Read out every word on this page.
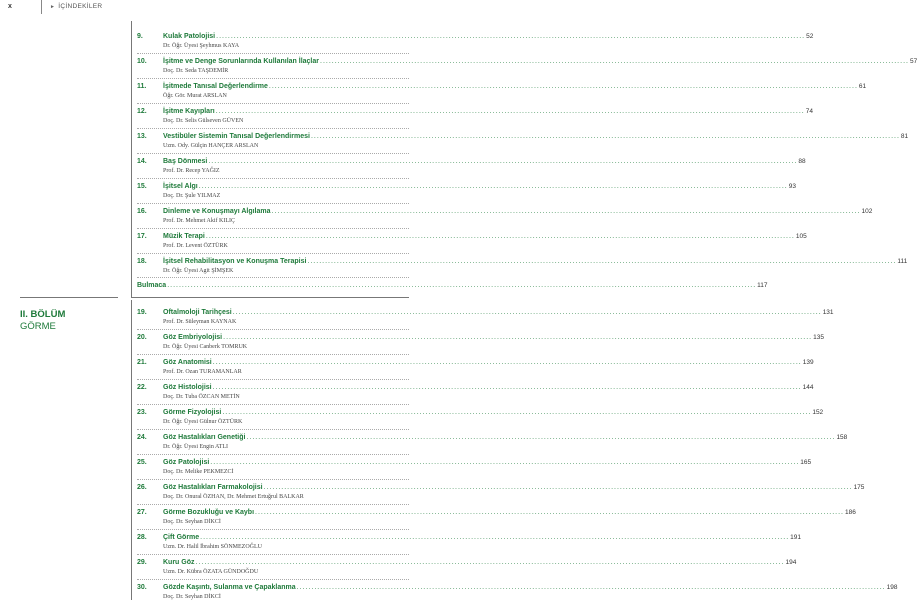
x	► İÇİNDEKİLER
II. BÖLÜM
GÖRME
9.	Kulak Patolojisi ........................................................................................................................................................................................................ 52
Dr. Öğr. Üyesi Şeyhmus KAYA
10.	İşitme ve Denge Sorunlarında Kullanılan İlaçlar ........................................................................................................................................................................................................ 57
Doç. Dr. Seda TAŞDEMİR
11.	İşitmede Tanısal Değerlendirme ........................................................................................................................................................................................................ 61
Öğr. Gör. Murat ARSLAN
12.	İşitme Kayıpları ........................................................................................................................................................................................................ 74
Doç. Dr. Selis Gülseven GÜVEN
13.	Vestibüler Sistemin Tanısal Değerlendirmesi ........................................................................................................................................................................................................ 81
Uzm. Ody. Gülçin HANÇER ARSLAN
14.	Baş Dönmesi ........................................................................................................................................................................................................ 88
Prof. Dr. Recep YAĞIZ
15.	İşitsel Algı ........................................................................................................................................................................................................ 93
Doç. Dr. Şule YILMAZ
16.	Dinleme ve Konuşmayı Algılama ........................................................................................................................................................................................................ 102
Prof. Dr. Mehmet Akif KILIÇ
17.	Müzik Terapi ........................................................................................................................................................................................................ 105
Prof. Dr. Levent ÖZTÜRK
18.	İşitsel Rehabilitasyon ve Konuşma Terapisi ........................................................................................................................................................................................................ 111
Dr. Öğr. Üyesi Agit ŞİMŞEK
Bulmaca ........................................................................................................................................................................................................ 117
19.	Oftalmoloji Tarihçesi ........................................................................................................................................................................................................ 131
Prof. Dr. Süleyman KAYNAK
20.	Göz Embriyolojisi ........................................................................................................................................................................................................ 135
Dr. Öğr. Üyesi Canberk TOMRUK
21.	Göz Anatomisi ........................................................................................................................................................................................................ 139
Prof. Dr. Ozan TURAMANLAR
22.	Göz Histolojisi ........................................................................................................................................................................................................ 144
Doç. Dr. Tuba ÖZCAN METİN
23.	Görme Fizyolojisi ........................................................................................................................................................................................................ 152
Dr. Öğr. Üyesi Gülnur ÖZTÜRK
24.	Göz Hastalıkları Genetiği ........................................................................................................................................................................................................ 158
Dr. Öğr. Üyesi Engin ATLI
25.	Göz Patolojisi ........................................................................................................................................................................................................ 165
Doç. Dr. Melike PEKMEZCİ
26.	Göz Hastalıkları Farmakolojisi ........................................................................................................................................................................................................ 175
Doç. Dr. Onural ÖZHAN, Dr. Mehmet Ertuğrul BALKAR
27.	Görme Bozukluğu ve Kaybı ........................................................................................................................................................................................................ 186
Doç. Dr. Seyhan DİKCİ
28.	Çift Görme ........................................................................................................................................................................................................ 191
Uzm. Dr. Halil İbrahim SÖNMEZOĞLU
29.	Kuru Göz ........................................................................................................................................................................................................ 194
Uzm. Dr. Kübra ÖZATA GÜNDOĞDU
30.	Gözde Kaşıntı, Sulanma ve Çapaklanma ........................................................................................................................................................................................................ 198
Doç. Dr. Seyhan DİKCİ
